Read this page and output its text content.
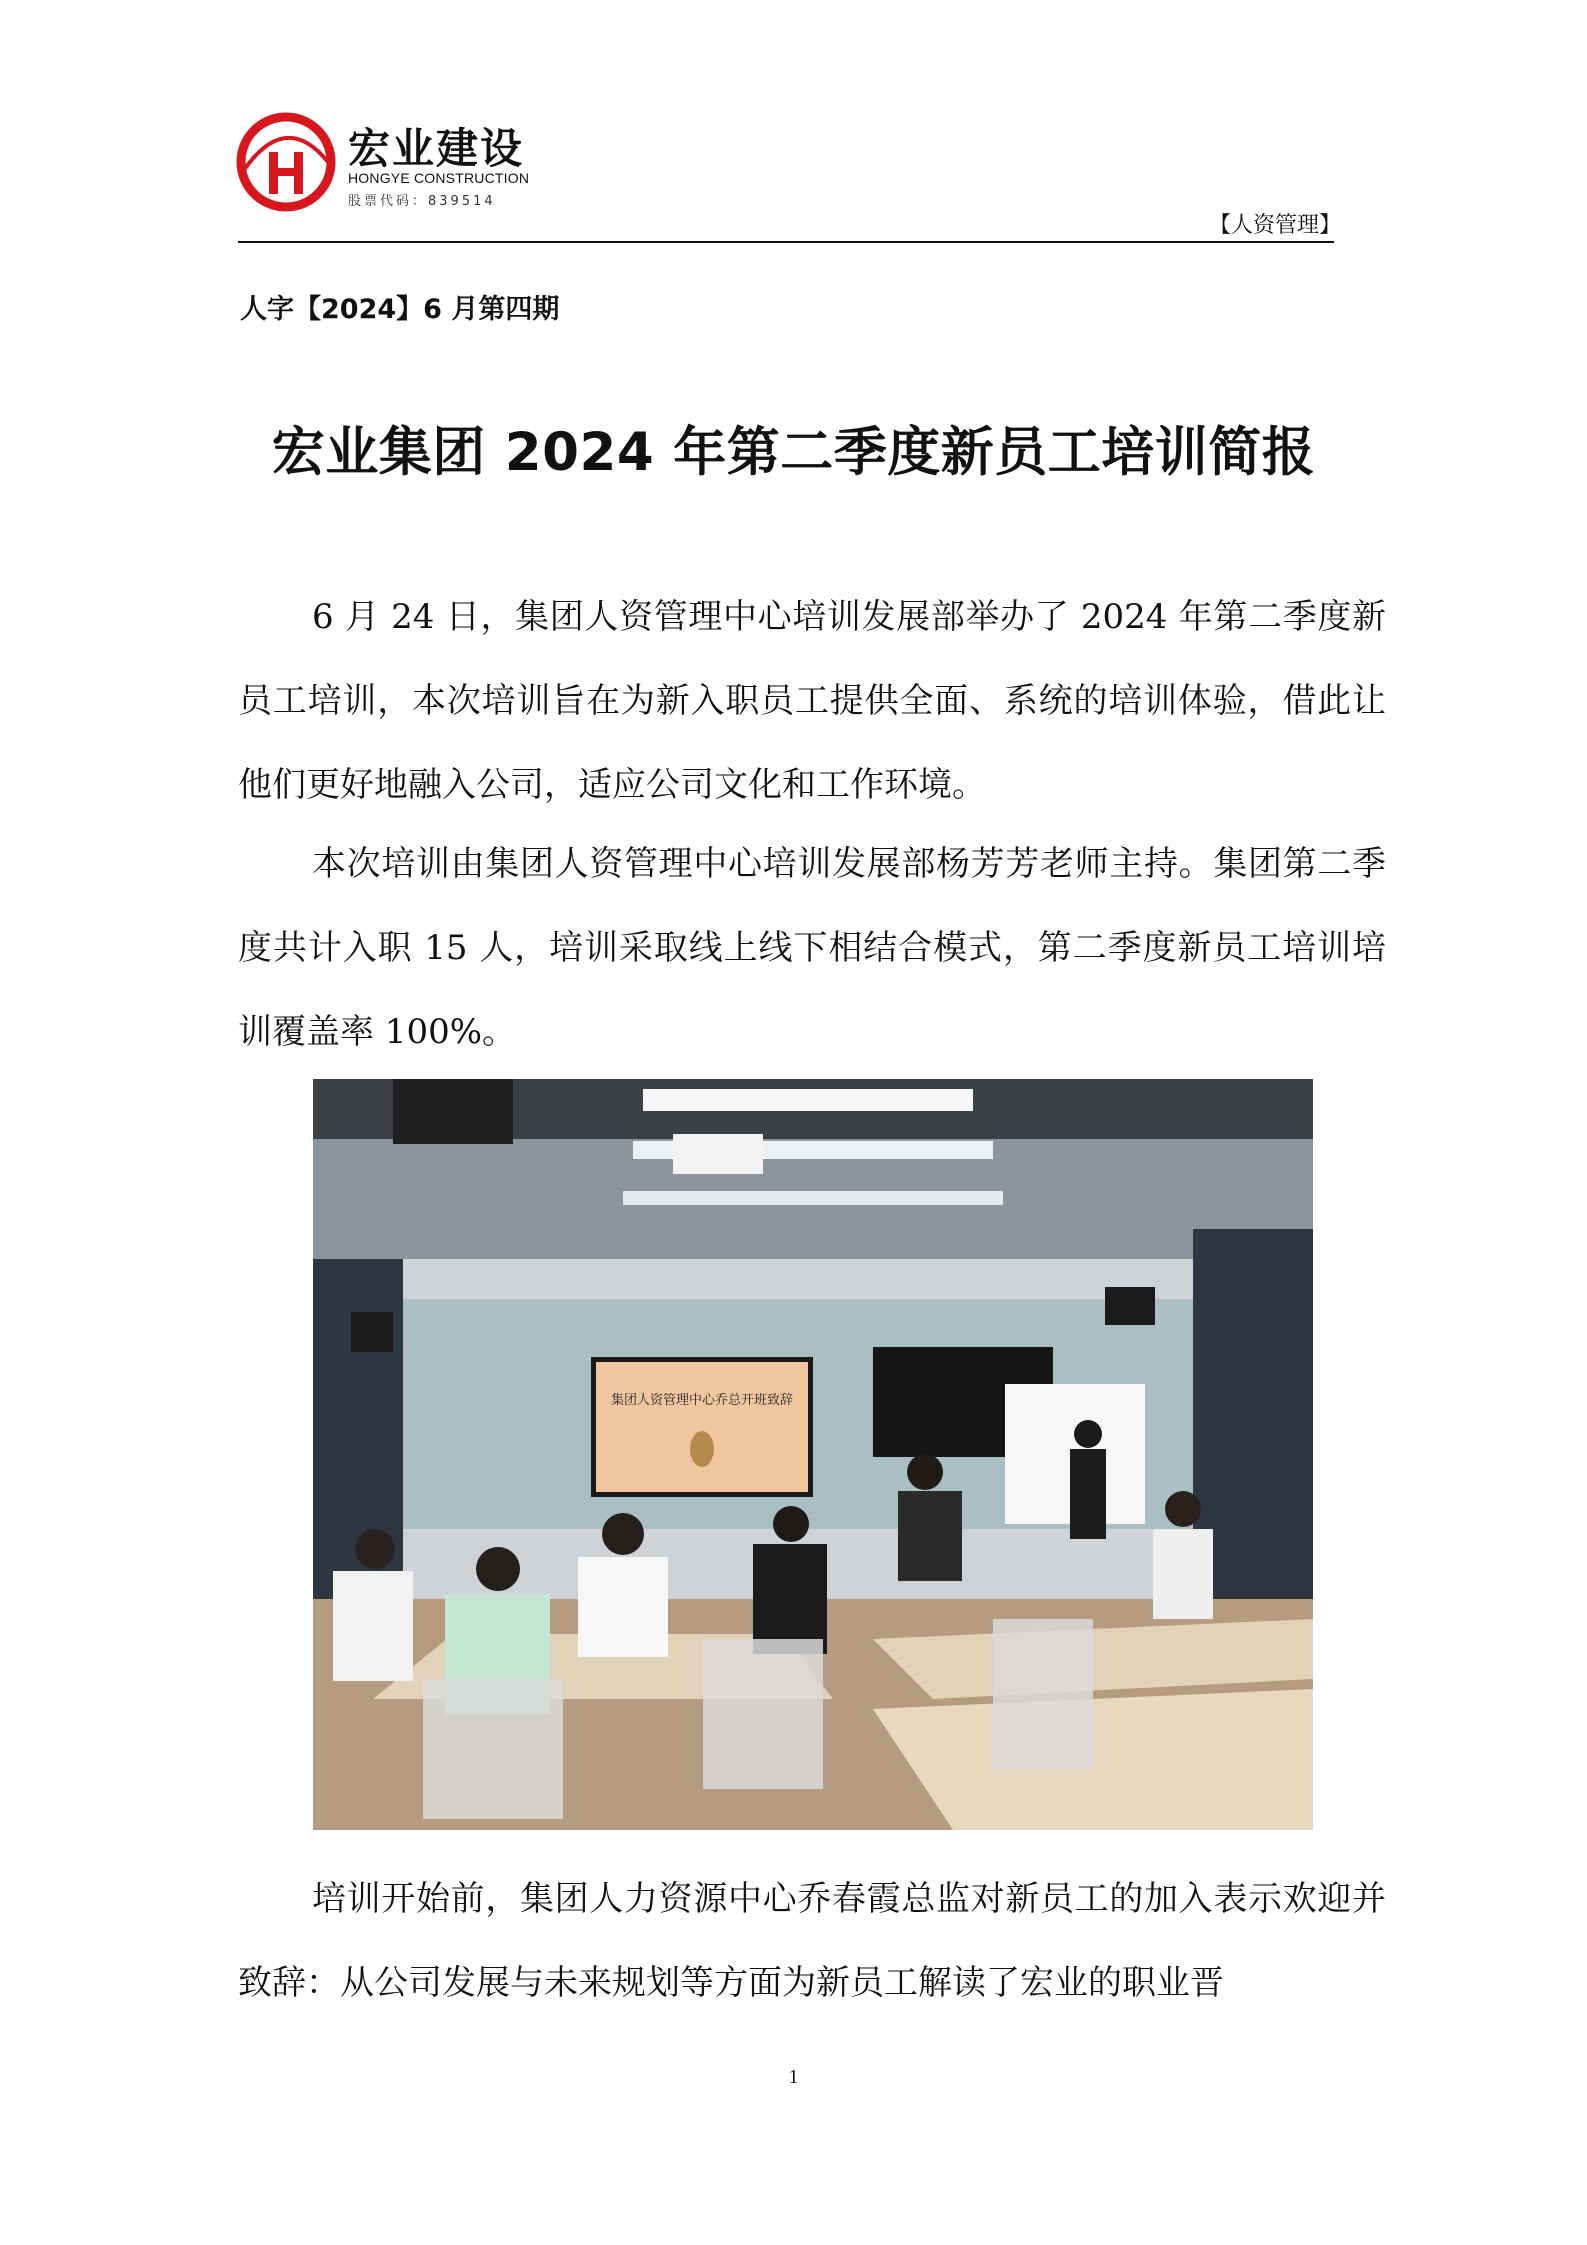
宏业建设
HONGYE CONSTRUCTION
股票代码：839514
【人资管理】
人字【2024】6 月第四期
宏业集团 2024 年第二季度新员工培训简报
6 月 24 日，集团人资管理中心培训发展部举办了 2024 年第二季度新员工培训，本次培训旨在为新入职员工提供全面、系统的培训体验，借此让他们更好地融入公司，适应公司文化和工作环境。
本次培训由集团人资管理中心培训发展部杨芳芳老师主持。集团第二季度共计入职 15 人，培训采取线上线下相结合模式，第二季度新员工培训培训覆盖率 100%。
集团人资管理中心乔总开班致辞
培训开始前，集团人力资源中心乔春霞总监对新员工的加入表示欢迎并致辞：从公司发展与未来规划等方面为新员工解读了宏业的职业晋
1
